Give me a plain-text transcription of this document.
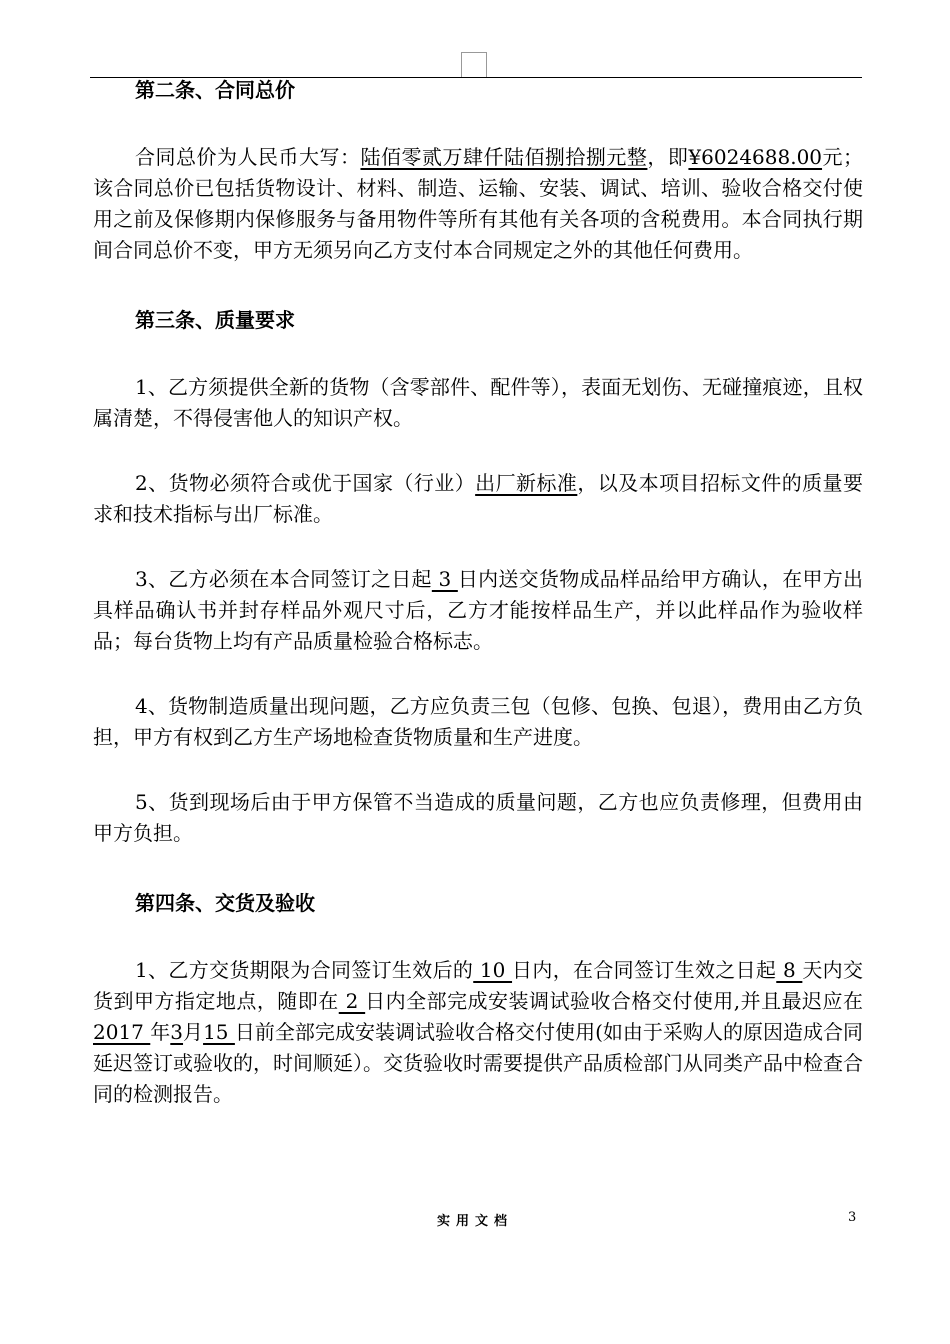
第二条、合同总价

合同总价为人民币大写：陆佰零贰万肆仟陆佰捌拾捌元整，即¥6024688.00元；该合同总价已包括货物设计、材料、制造、运输、安装、调试、培训、验收合格交付使用之前及保修期内保修服务与备用物件等所有其他有关各项的含税费用。本合同执行期间合同总价不变，甲方无须另向乙方支付本合同规定之外的其他任何费用。

第三条、质量要求

1、乙方须提供全新的货物（含零部件、配件等），表面无划伤、无碰撞痕迹，且权属清楚，不得侵害他人的知识产权。

2、货物必须符合或优于国家（行业）出厂新标准，以及本项目招标文件的质量要求和技术指标与出厂标准。

3、乙方必须在本合同签订之日起 3 日内送交货物成品样品给甲方确认，在甲方出具样品确认书并封存样品外观尺寸后，乙方才能按样品生产，并以此样品作为验收样品；每台货物上均有产品质量检验合格标志。

4、货物制造质量出现问题，乙方应负责三包（包修、包换、包退），费用由乙方负担，甲方有权到乙方生产场地检查货物质量和生产进度。

5、货到现场后由于甲方保管不当造成的质量问题，乙方也应负责修理，但费用由甲方负担。

第四条、交货及验收

1、乙方交货期限为合同签订生效后的 10 日内，在合同签订生效之日起 8 天内交货到甲方指定地点，随即在 2 日内全部完成安装调试验收合格交付使用,并且最迟应在 2017 年3月15 日前全部完成安装调试验收合格交付使用(如由于采购人的原因造成合同延迟签订或验收的，时间顺延）。交货验收时需要提供产品质检部门从同类产品中检查合同的检测报告。

实用文档	3
